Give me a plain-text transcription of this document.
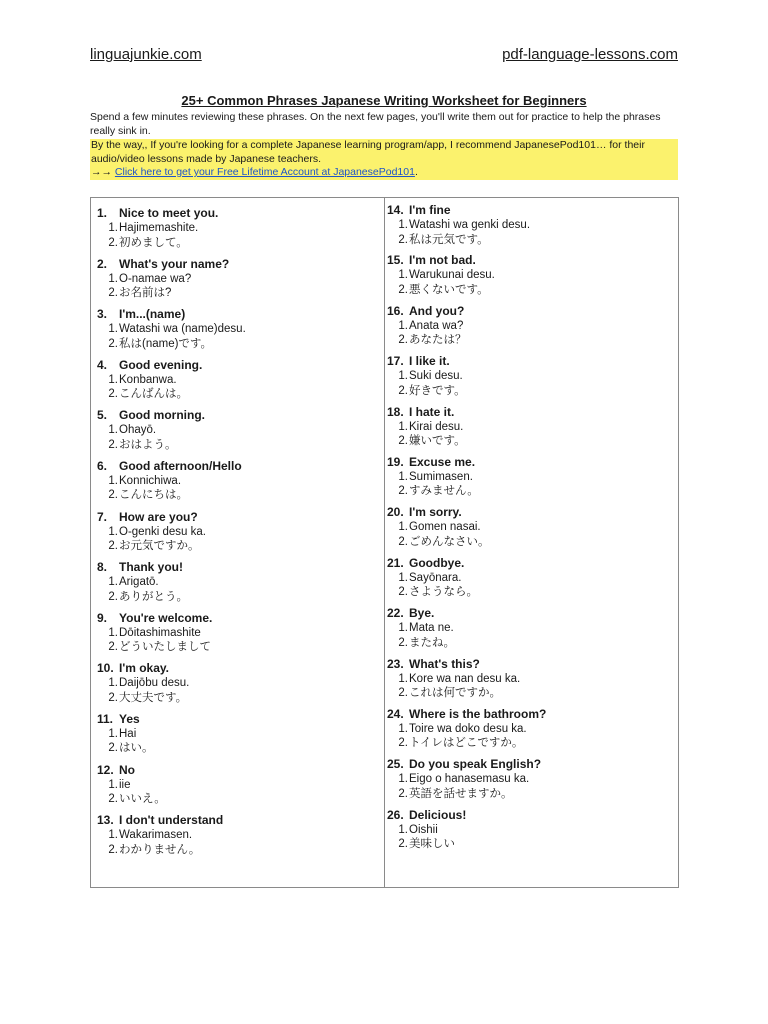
linguajunkie.com	pdf-language-lessons.com
25+ Common Phrases Japanese Writing Worksheet for Beginners
Spend a few minutes reviewing these phrases. On the next few pages, you'll write them out for practice to help the phrases really sink in.
By the way,, If you're looking for a complete Japanese learning program/app, I recommend JapanesePod101… for their audio/video lessons made by Japanese teachers.
→→ Click here to get your Free Lifetime Account at JapanesePod101.
1. Nice to meet you.
1. Hajimemashite.
2. 初めまして。
2. What's your name?
1. O-namae wa?
2. お名前は?
3. I'm...(name)
1. Watashi wa (name)desu.
2. 私は(name)です。
4. Good evening.
1. Konbanwa.
2. こんばんは。
5. Good morning.
1. Ohayō.
2. おはよう。
6. Good afternoon/Hello
1. Konnichiwa.
2. こんにちは。
7. How are you?
1. O-genki desu ka.
2. お元気ですか。
8. Thank you!
1. Arigatō.
2. ありがとう。
9. You're welcome.
1. Dōitashimashite
2. どういたしまして
10. I'm okay.
1. Daijōbu desu.
2. 大丈夫です。
11. Yes
1. Hai
2. はい。
12. No
1. iie
2. いいえ。
13. I don't understand
1. Wakarimasen.
2. わかりません。
14. I'm fine
1. Watashi wa genki desu.
2. 私は元気です。
15. I'm not bad.
1. Warukunai desu.
2. 悪くないです。
16. And you?
1. Anata wa?
2. あなたは？
17. I like it.
1. Suki desu.
2. 好きです。
18. I hate it.
1. Kirai desu.
2. 嫌いです。
19. Excuse me.
1. Sumimasen.
2. すみません。
20. I'm sorry.
1. Gomen nasai.
2. ごめんなさい。
21. Goodbye.
1. Sayōnara.
2. さようなら。
22. Bye.
1. Mata ne.
2. またね。
23. What's this?
1. Kore wa nan desu ka.
2. これは何ですか。
24. Where is the bathroom?
1. Toire wa doko desu ka.
2. トイレはどこですか。
25. Do you speak English?
1. Eigo o hanasemasu ka.
2. 英語を話せますか。
26. Delicious!
1. Oishii
2. 美味しい
